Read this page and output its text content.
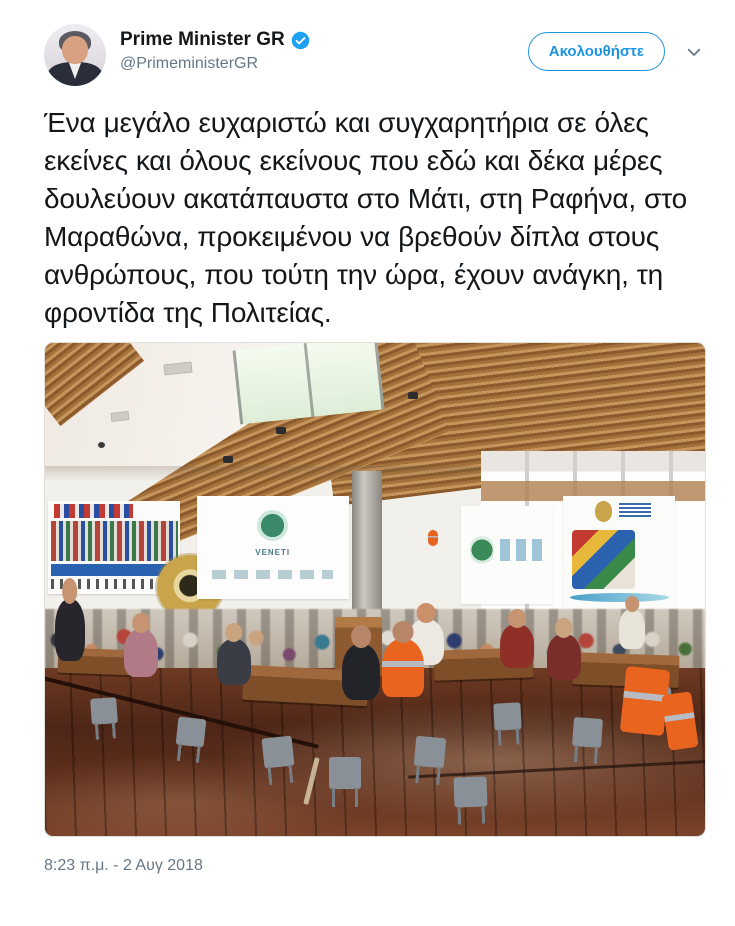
Prime Minister GR
@PrimeministerGR
Ακολουθήστε
Ένα μεγάλο ευχαριστώ και συγχαρητήρια σε όλες εκείνες και όλους εκείνους που εδώ και δέκα μέρες δουλεύουν ακατάπαυστα στο Μάτι, στη Ραφήνα, στο Μαραθώνα, προκειμένου να βρεθούν δίπλα στους ανθρώπους, που τούτη την ώρα, έχουν ανάγκη, τη φροντίδα της Πολιτείας.
VENETI
8:23 π.μ. - 2 Αυγ 2018
